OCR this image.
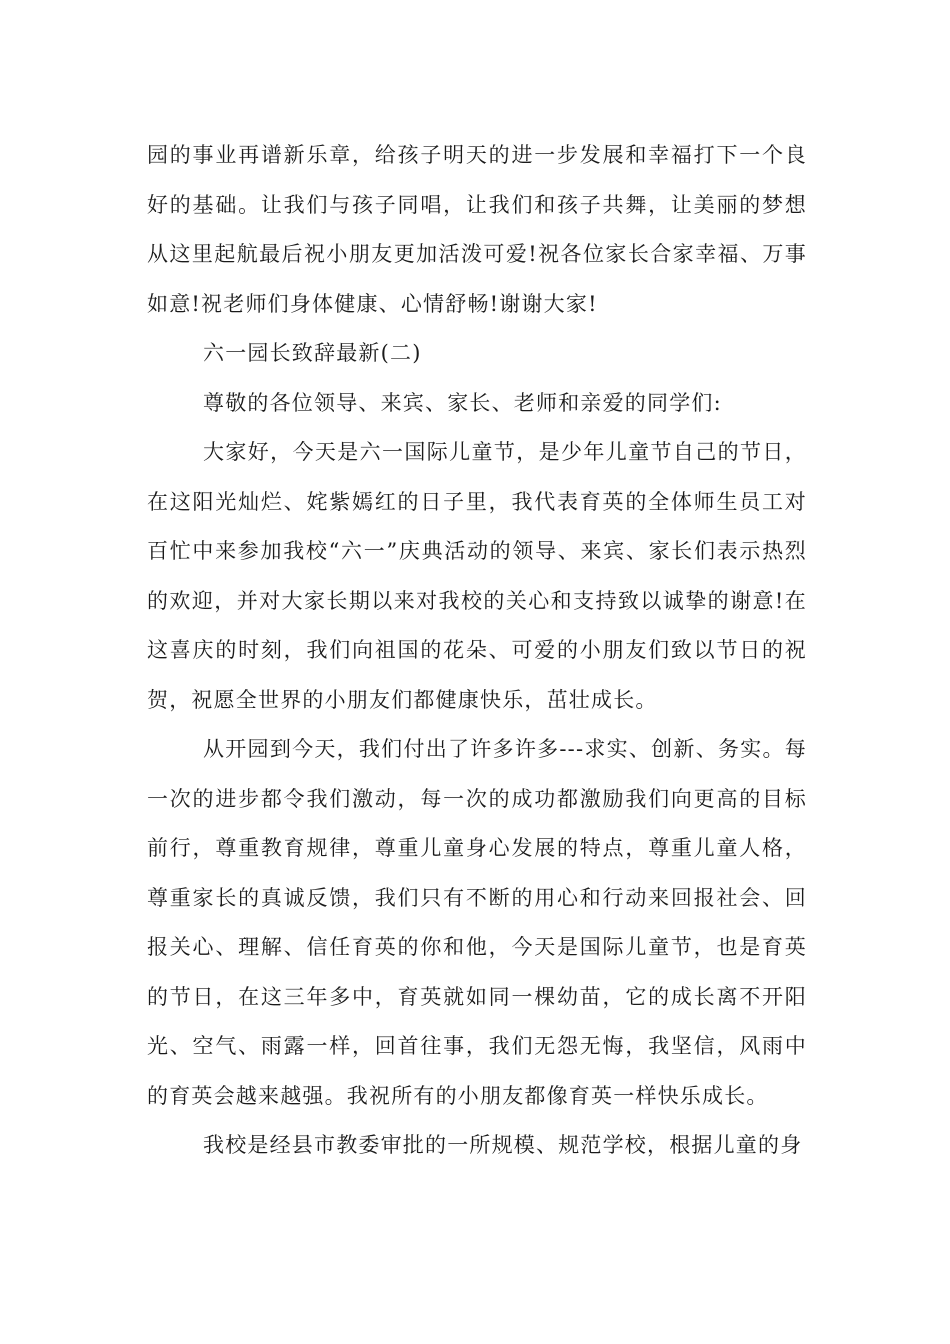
园的事业再谱新乐章，给孩子明天的进一步发展和幸福打下一个良好的基础。让我们与孩子同唱，让我们和孩子共舞，让美丽的梦想从这里起航最后祝小朋友更加活泼可爱!祝各位家长合家幸福、万事如意!祝老师们身体健康、心情舒畅!谢谢大家!

六一园长致辞最新(二)

尊敬的各位领导、来宾、家长、老师和亲爱的同学们:

大家好，今天是六一国际儿童节，是少年儿童节自己的节日，在这阳光灿烂、姹紫嫣红的日子里，我代表育英的全体师生员工对百忙中来参加我校“六一”庆典活动的领导、来宾、家长们表示热烈的欢迎，并对大家长期以来对我校的关心和支持致以诚挚的谢意!在这喜庆的时刻，我们向祖国的花朵、可爱的小朋友们致以节日的祝贺，祝愿全世界的小朋友们都健康快乐，茁壮成长。

从开园到今天，我们付出了许多许多---求实、创新、务实。每一次的进步都令我们激动，每一次的成功都激励我们向更高的目标前行，尊重教育规律，尊重儿童身心发展的特点，尊重儿童人格，尊重家长的真诚反馈，我们只有不断的用心和行动来回报社会、回报关心、理解、信任育英的你和他，今天是国际儿童节，也是育英的节日，在这三年多中，育英就如同一棵幼苗，它的成长离不开阳光、空气、雨露一样，回首往事，我们无怨无悔，我坚信，风雨中的育英会越来越强。我祝所有的小朋友都像育英一样快乐成长。

我校是经县市教委审批的一所规模、规范学校，根据儿童的身
